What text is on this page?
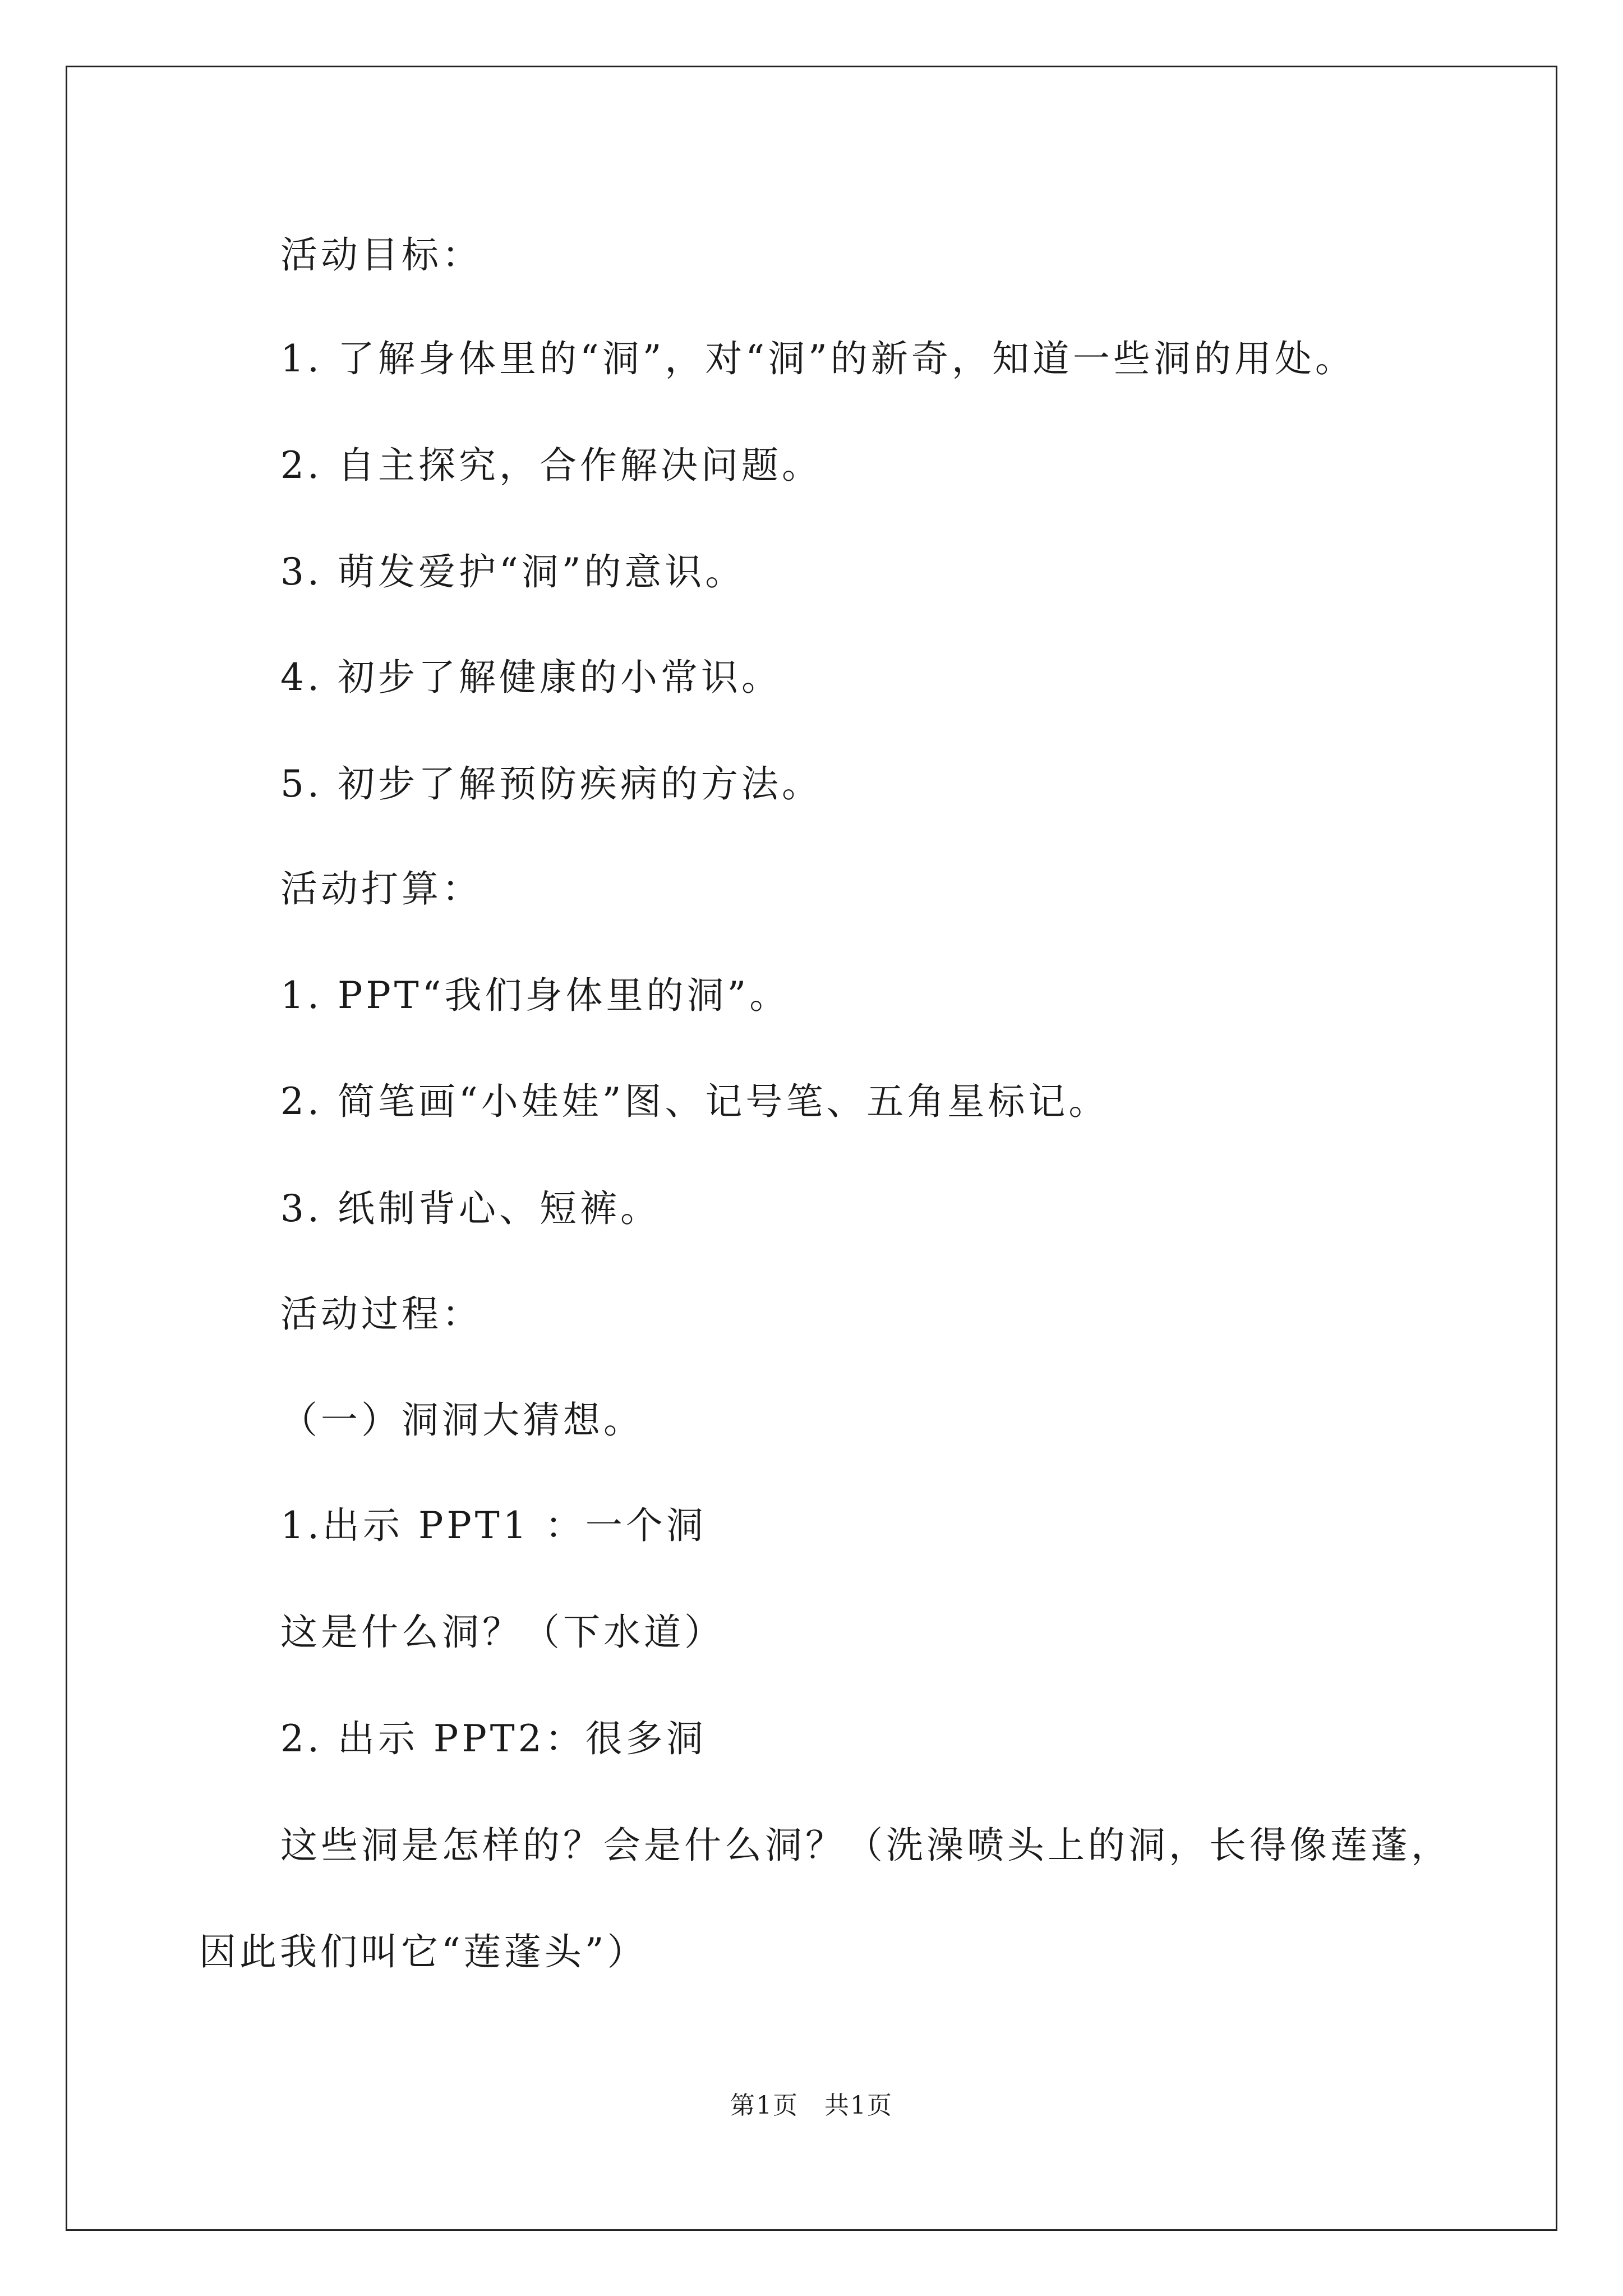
活动目标：
1. 了解身体里的“洞”，对“洞”的新奇，知道一些洞的用处。
2. 自主探究，合作解决问题。
3. 萌发爱护“洞”的意识。
4. 初步了解健康的小常识。
5. 初步了解预防疾病的方法。
活动打算：
1. PPT“我们身体里的洞”。
2. 简笔画“小娃娃”图、记号笔、五角星标记。
3. 纸制背心、短裤。
活动过程：
（一）洞洞大猜想。
1.出示 PPT1 ：一个洞
这是什么洞？（下水道）
2. 出示 PPT2：很多洞
这些洞是怎样的？会是什么洞？（洗澡喷头上的洞，长得像莲蓬，
因此我们叫它“莲蓬头”）
第1页　共1页
